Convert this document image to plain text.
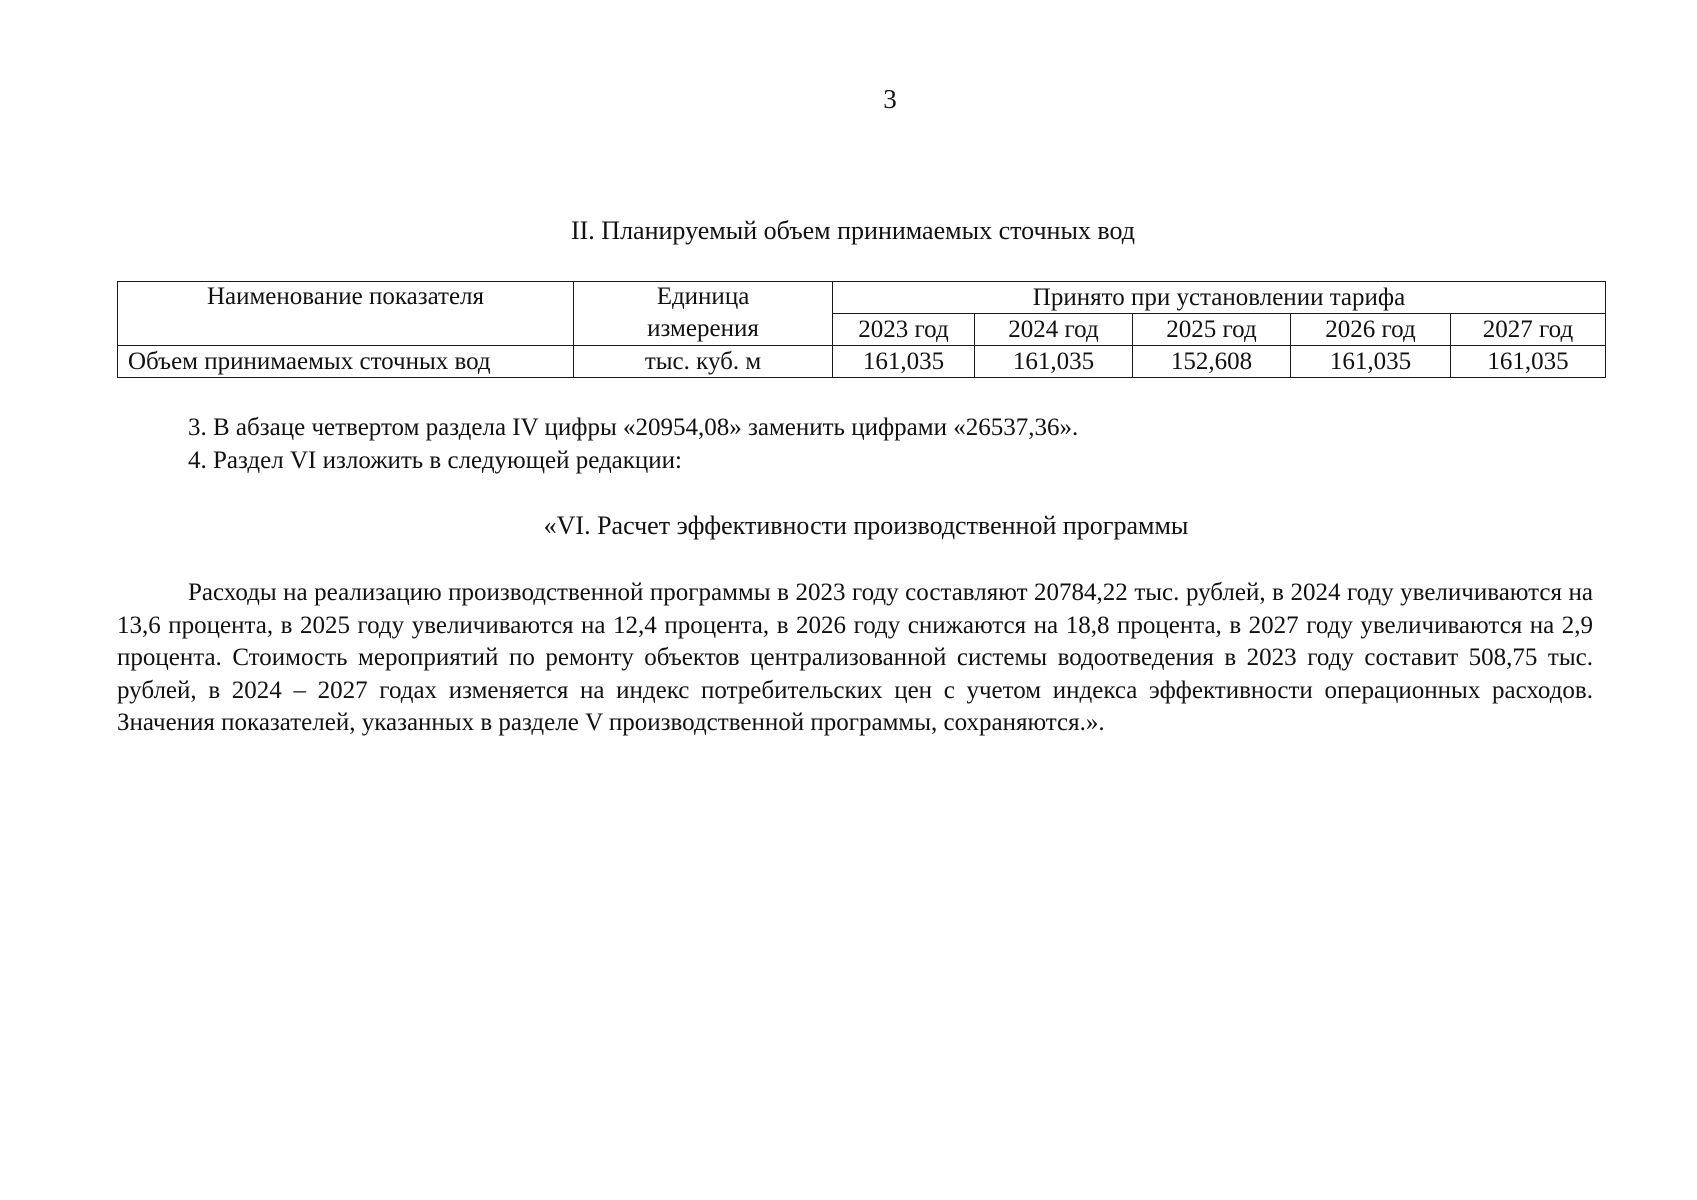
3
II. Планируемый объем принимаемых сточных вод
Наименование показателя	Единица	Принято при установлении тарифа				
	измерения	2023 год	2024 год	2025 год	2026 год	2027 год
Объем принимаемых сточных вод	тыс. куб. м	161,035	161,035	152,608	161,035	161,035
3. В абзаце четвертом раздела IV цифры «20954,08» заменить цифрами «26537,36».
4. Раздел VI изложить в следующей редакции:
«VI. Расчет эффективности производственной программы

Расходы на реализацию производственной программы в 2023 году составляют 20784,22 тыс. рублей, в 2024 году увеличиваются на 13,6 процента, в 2025 году увеличиваются на 12,4 процента, в 2026 году снижаются на 18,8 процента, в 2027 году увеличиваются на 2,9 процента. Стоимость мероприятий по ремонту объектов централизованной системы водоотведения в 2023 году составит 508,75 тыс. рублей, в 2024 – 2027 годах изменяется на индекс потребительских цен с учетом индекса эффективности операционных расходов. Значения показателей, указанных в разделе V производственной программы, сохраняются.».
